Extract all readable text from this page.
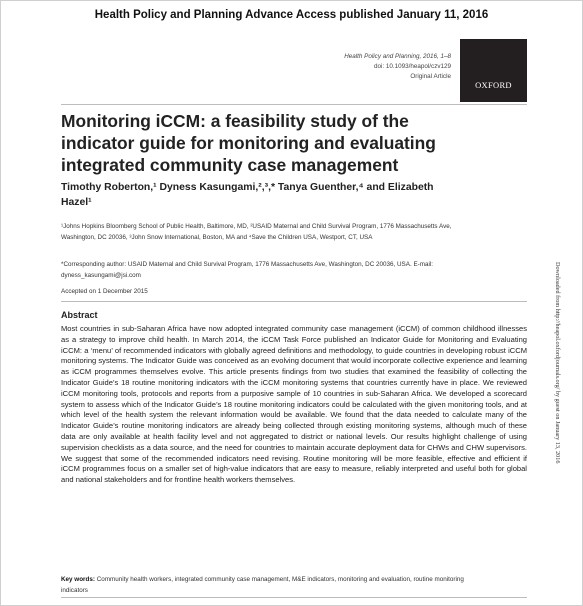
Health Policy and Planning Advance Access published January 11, 2016
Health Policy and Planning, 2016, 1–8
doi: 10.1093/heapol/czv129
Original Article
OXFORD
Monitoring iCCM: a feasibility study of the indicator guide for monitoring and evaluating integrated community case management

Timothy Roberton,¹ Dyness Kasungami,²,³,* Tanya Guenther,⁴ and Elizabeth Hazel¹

¹Johns Hopkins Bloomberg School of Public Health, Baltimore, MD, ²USAID Maternal and Child Survival Program, 1776 Massachusetts Ave, Washington, DC 20036, ³John Snow International, Boston, MA and ⁴Save the Children USA, Westport, CT, USA

*Corresponding author: USAID Maternal and Child Survival Program, 1776 Massachusetts Ave, Washington, DC 20036, USA. E-mail: dyness_kasungami@jsi.com

Accepted on 1 December 2015

Abstract

Most countries in sub-Saharan Africa have now adopted integrated community case management (iCCM) of common childhood illnesses as a strategy to improve child health. In March 2014, the iCCM Task Force published an Indicator Guide for Monitoring and Evaluating iCCM: a ‘menu’ of recommended indicators with globally agreed definitions and methodology, to guide countries in developing robust iCCM monitoring systems. The Indicator Guide was conceived as an evolving document that would incorporate collective experience and learning as iCCM programmes themselves evolve. This article presents findings from two studies that examined the feasibility of collecting the Indicator Guide’s 18 routine monitoring indicators with the iCCM monitoring systems that countries currently have in place. We reviewed iCCM monitoring tools, protocols and reports from a purposive sample of 10 countries in sub-Saharan Africa. We developed a scorecard system to assess which of the Indicator Guide’s 18 routine monitoring indicators could be calculated with the given monitoring tools, and at which level of the health system the relevant information would be available. We found that the data needed to calculate many of the Indicator Guide’s routine monitoring indicators are already being collected through existing monitoring systems, although much of these data are only available at health facility level and not aggregated to district or national levels. Our results highlight challenge of using supervision checklists as a data source, and the need for countries to maintain accurate deployment data for CHWs and CHW supervisors. We suggest that some of the recommended indicators need revising. Routine monitoring will be more feasible, effective and efficient if iCCM programmes focus on a smaller set of high-value indicators that are easy to measure, reliably interpreted and useful both for global and national stakeholders and for frontline health workers themselves.

Key words: Community health workers, integrated community case management, M&E indicators, monitoring and evaluation, routine monitoring indicators

Downloaded from http://heapol.oxfordjournals.org/ by guest on January 13, 2016
